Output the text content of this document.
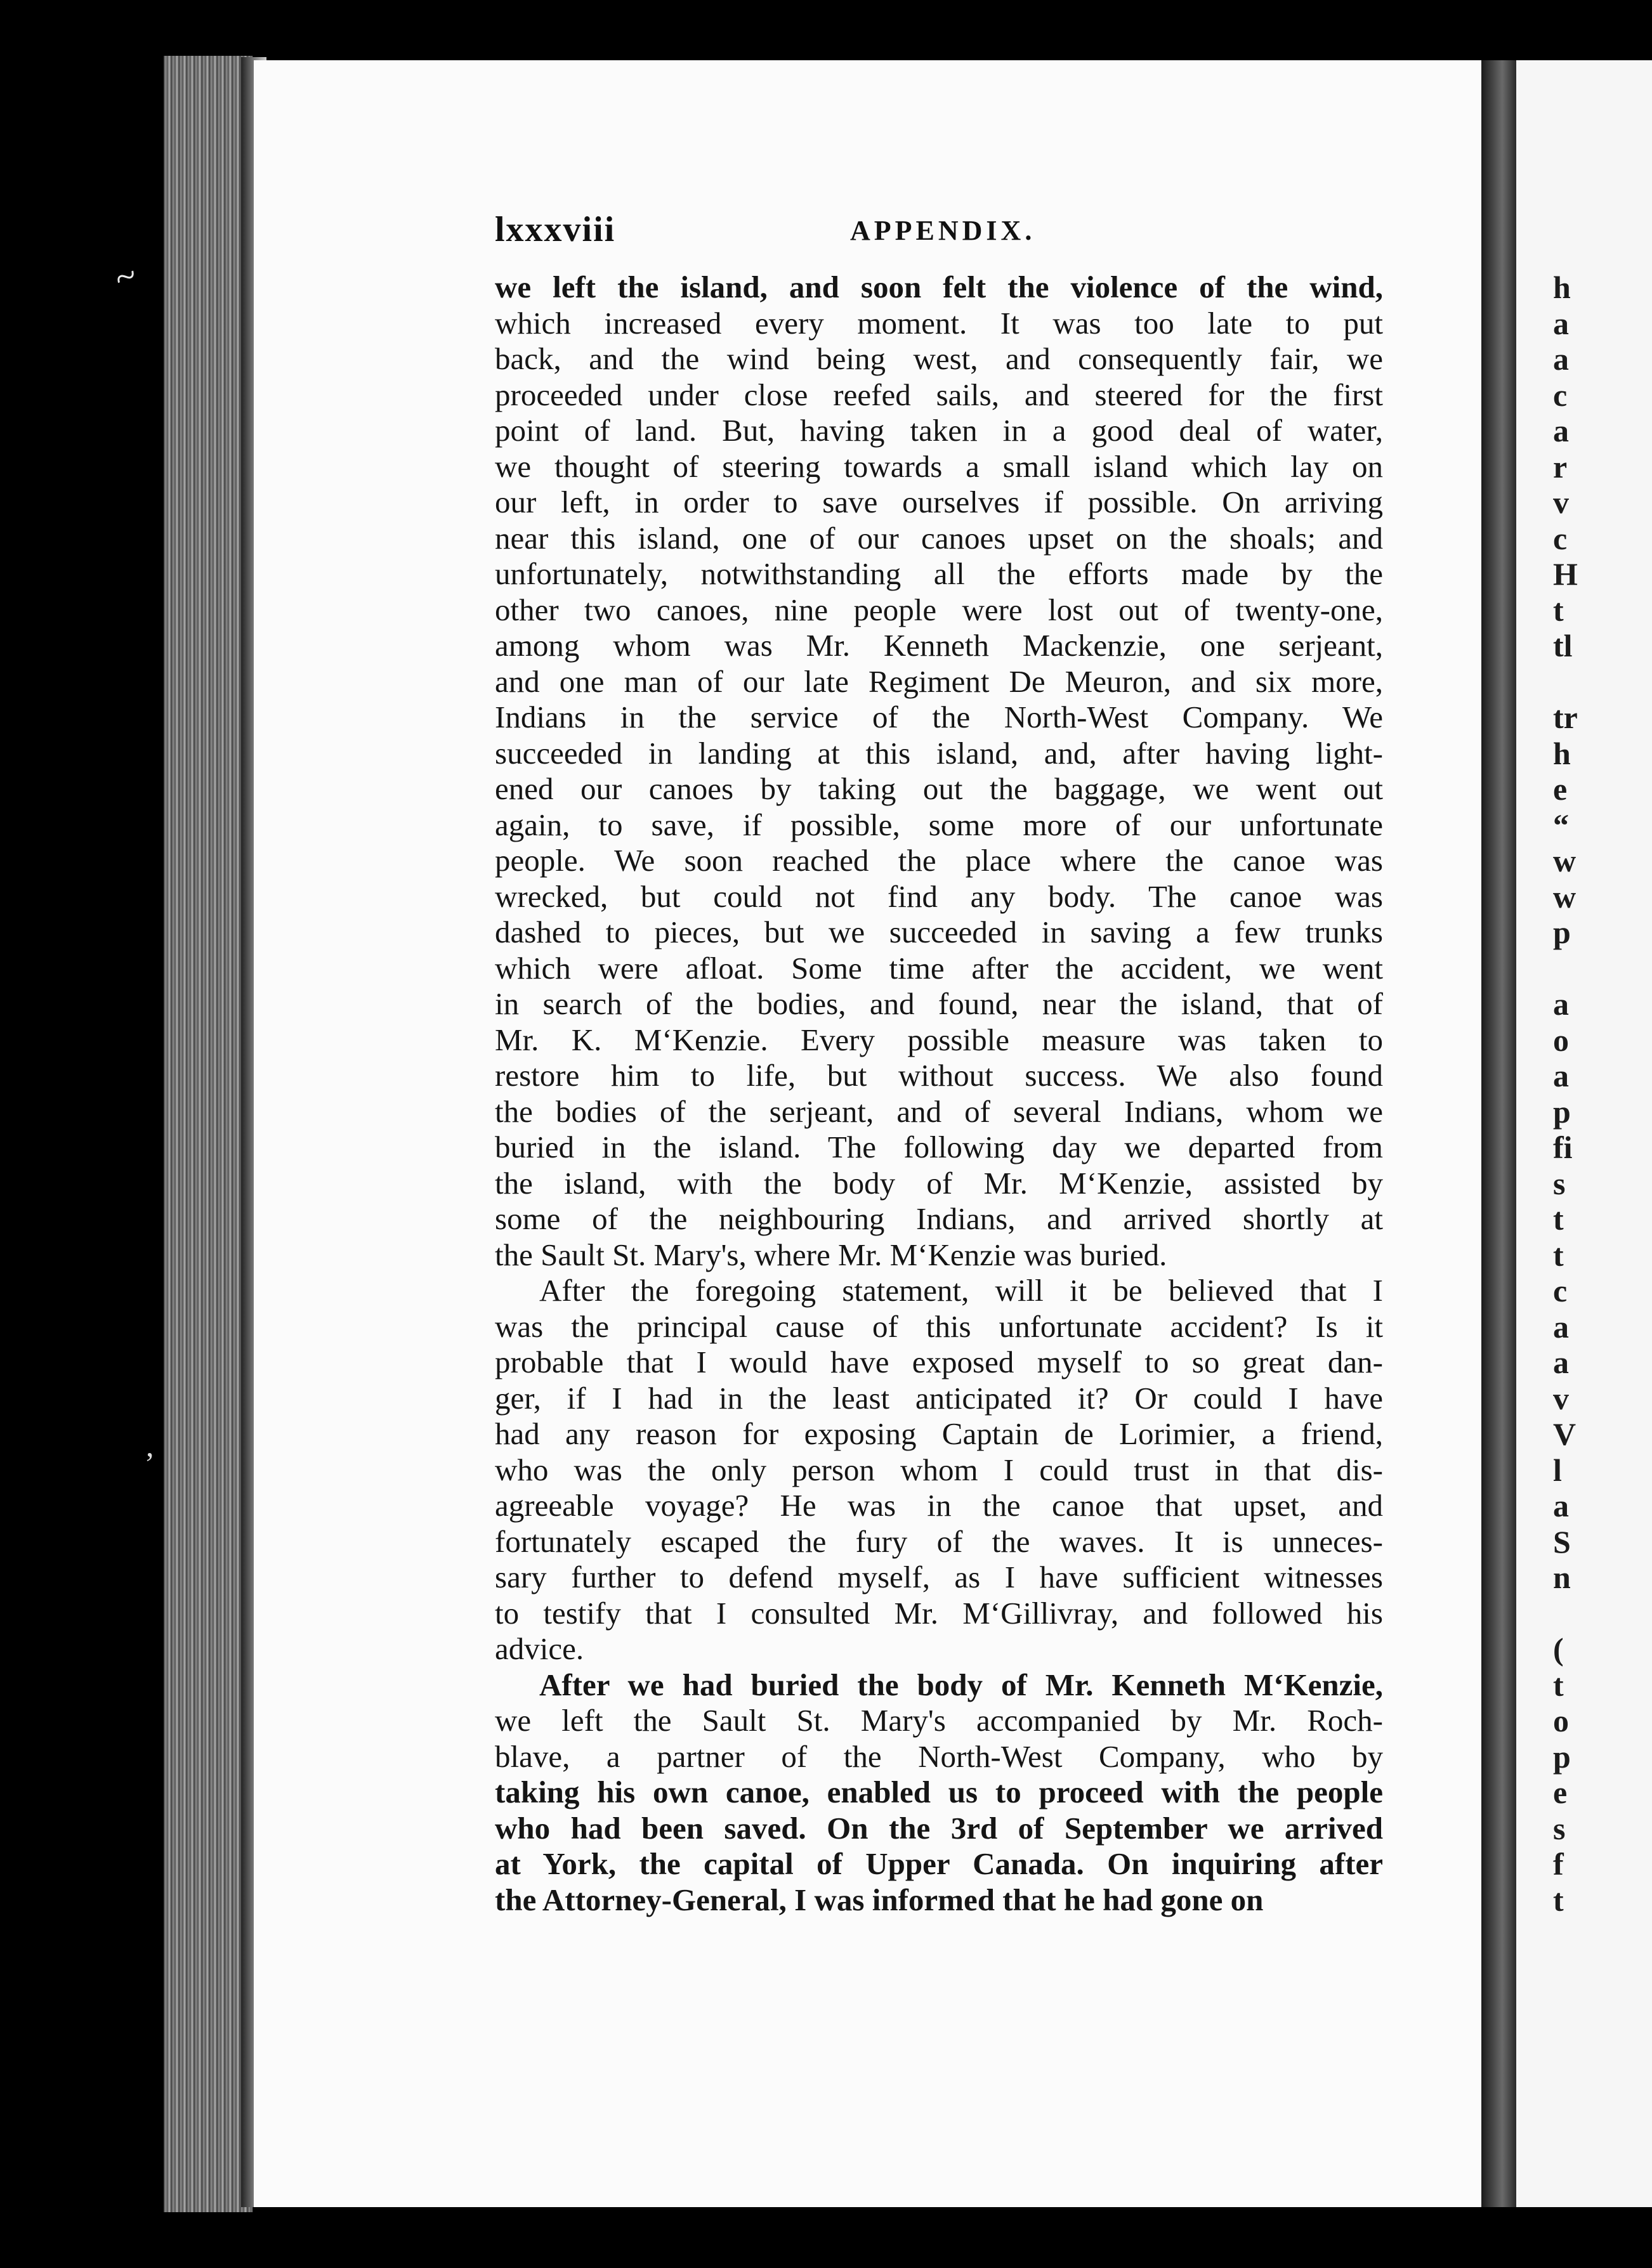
~
,
lxxxviii	APPENDIX.
we left the island, and soon felt the violence of the wind,
which increased every moment. It was too late to put
back, and the wind being west, and consequently fair, we
proceeded under close reefed sails, and steered for the first
point of land. But, having taken in a good deal of water,
we thought of steering towards a small island which lay on
our left, in order to save ourselves if possible. On arriving
near this island, one of our canoes upset on the shoals; and
unfortunately, notwithstanding all the efforts made by the
other two canoes, nine people were lost out of twenty-one,
among whom was Mr. Kenneth Mackenzie, one serjeant,
and one man of our late Regiment De Meuron, and six more,
Indians in the service of the North-West Company. We
succeeded in landing at this island, and, after having light-
ened our canoes by taking out the baggage, we went out
again, to save, if possible, some more of our unfortunate
people. We soon reached the place where the canoe was
wrecked, but could not find any body. The canoe was
dashed to pieces, but we succeeded in saving a few trunks
which were afloat. Some time after the accident, we went
in search of the bodies, and found, near the island, that of
Mr. K. M‘Kenzie. Every possible measure was taken to
restore him to life, but without success. We also found
the bodies of the serjeant, and of several Indians, whom we
buried in the island. The following day we departed from
the island, with the body of Mr. M‘Kenzie, assisted by
some of the neighbouring Indians, and arrived shortly at
the Sault St. Mary's, where Mr. M‘Kenzie was buried.
After the foregoing statement, will it be believed that I
was the principal cause of this unfortunate accident? Is it
probable that I would have exposed myself to so great dan-
ger, if I had in the least anticipated it? Or could I have
had any reason for exposing Captain de Lorimier, a friend,
who was the only person whom I could trust in that dis-
agreeable voyage? He was in the canoe that upset, and
fortunately escaped the fury of the waves. It is unneces-
sary further to defend myself, as I have sufficient witnesses
to testify that I consulted Mr. M‘Gillivray, and followed his
advice.
After we had buried the body of Mr. Kenneth M‘Kenzie,
we left the Sault St. Mary's accompanied by Mr. Roch-
blave, a partner of the North-West Company, who by
taking his own canoe, enabled us to proceed with the people
who had been saved. On the 3rd of September we arrived
at York, the capital of Upper Canada. On inquiring after
the Attorney-General, I was informed that he had gone on
h
a
a
c
a
r
v
c
H
t
tl
tr
h
e
“
w
w
p
a
o
a
p
fi
s
t
t
c
a
a
v
V
l
a
S
n
(
t
o
p
e
s
f
t
